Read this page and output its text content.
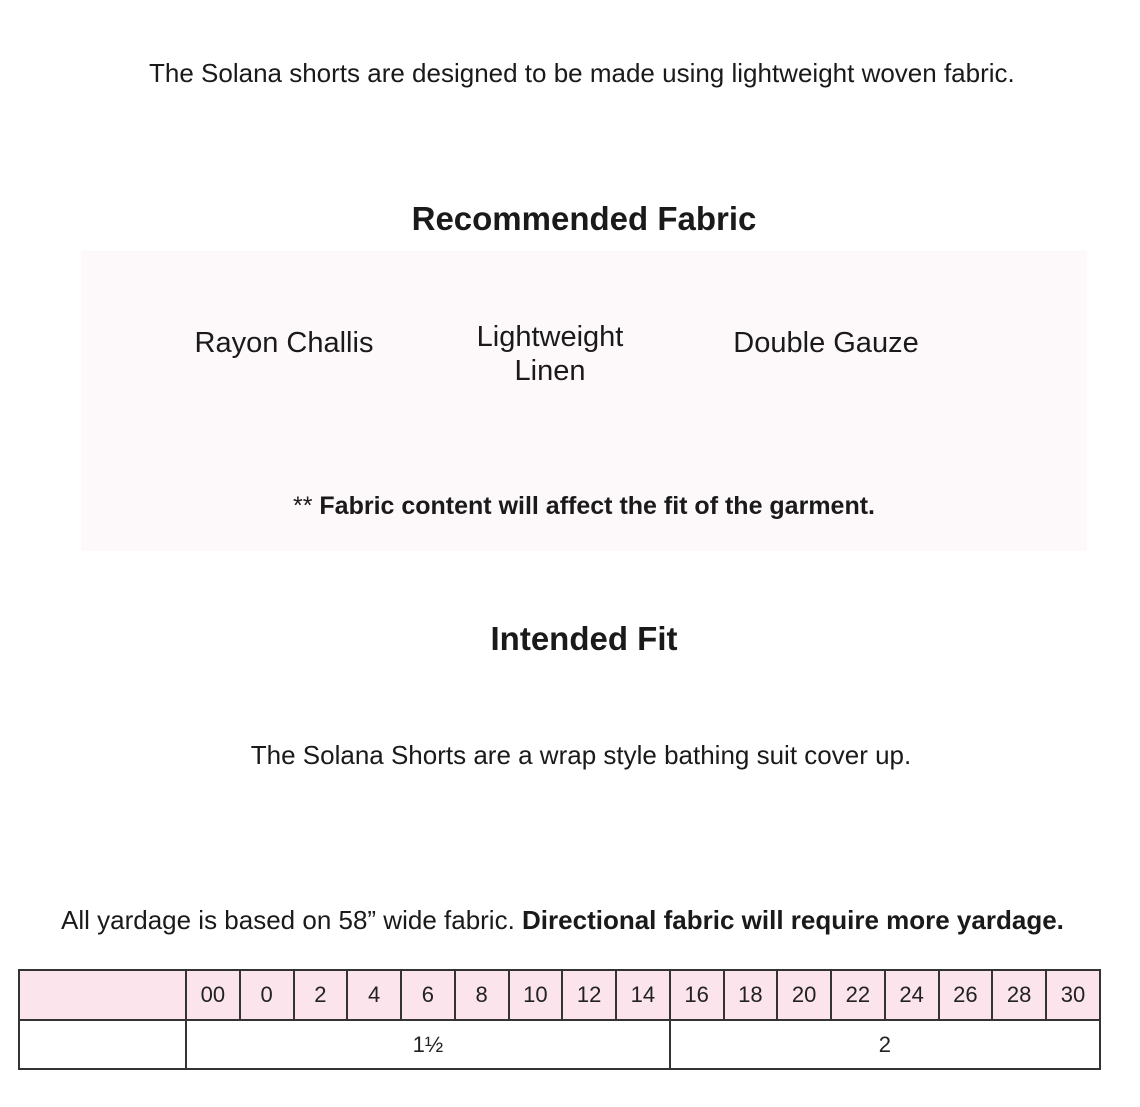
The Solana shorts are designed to be made using lightweight woven fabric.
Recommended Fabric
Rayon Challis	Lightweight Linen
Double Gauze
** Fabric content will affect the fit of the garment.
Intended Fit
The Solana Shorts are a wrap style bathing suit cover up.
All yardage is based on 58” wide fabric. Directional fabric will require more yardage.
	00	0	2	4	6	8	10	12	14	16	18	20	22	24	26	28	30
	1½									2							
